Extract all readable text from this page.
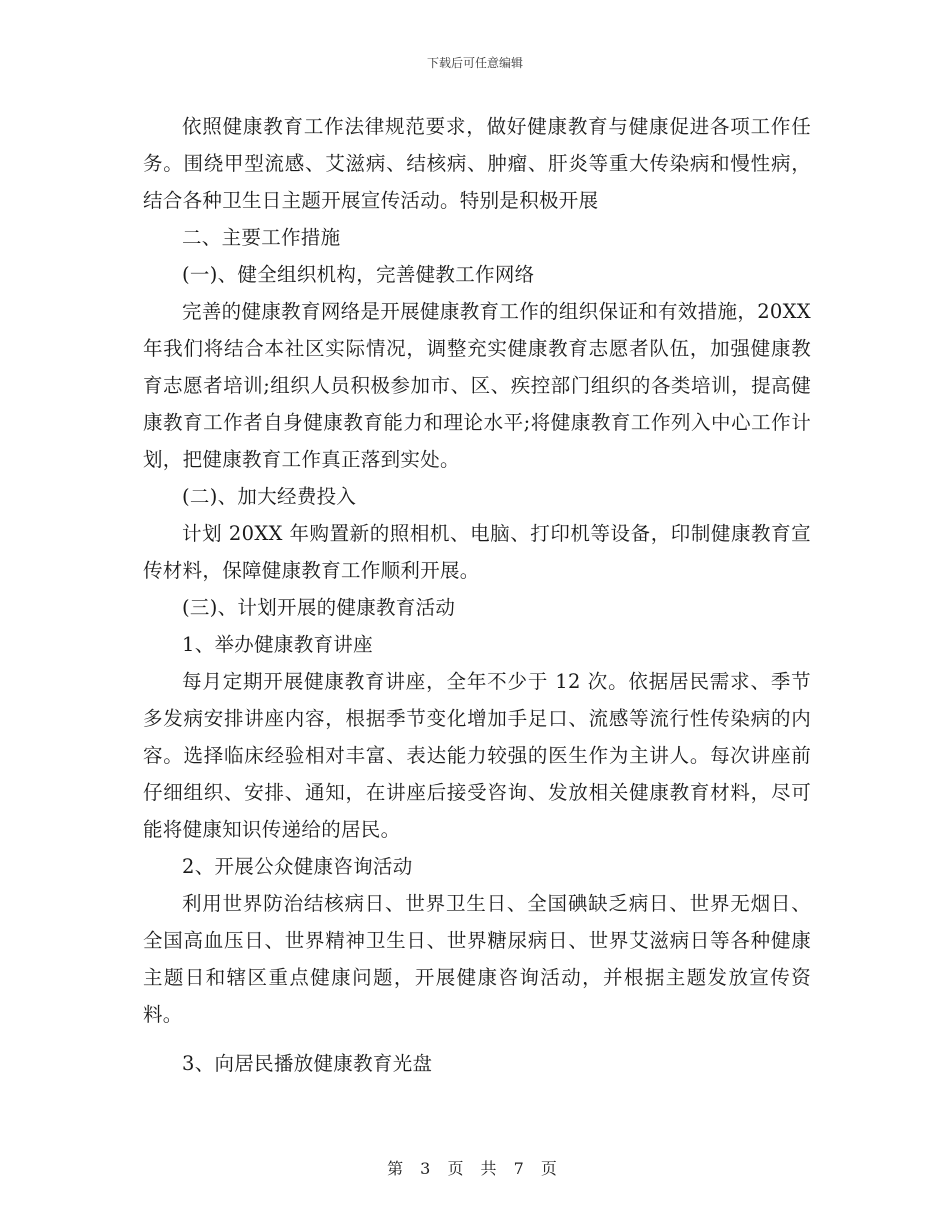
下载后可任意编辑

依照健康教育工作法律规范要求，做好健康教育与健康促进各项工作任务。围绕甲型流感、艾滋病、结核病、肿瘤、肝炎等重大传染病和慢性病，结合各种卫生日主题开展宣传活动。特别是积极开展

二、主要工作措施

(一)、健全组织机构，完善健教工作网络

完善的健康教育网络是开展健康教育工作的组织保证和有效措施，20XX 年我们将结合本社区实际情况，调整充实健康教育志愿者队伍，加强健康教育志愿者培训;组织人员积极参加市、区、疾控部门组织的各类培训，提高健康教育工作者自身健康教育能力和理论水平;将健康教育工作列入中心工作计划，把健康教育工作真正落到实处。

(二)、加大经费投入

计划 20XX 年购置新的照相机、电脑、打印机等设备，印制健康教育宣传材料，保障健康教育工作顺利开展。

(三)、计划开展的健康教育活动

1、举办健康教育讲座

每月定期开展健康教育讲座，全年不少于 12 次。依据居民需求、季节多发病安排讲座内容，根据季节变化增加手足口、流感等流行性传染病的内容。选择临床经验相对丰富、表达能力较强的医生作为主讲人。每次讲座前仔细组织、安排、通知，在讲座后接受咨询、发放相关健康教育材料，尽可能将健康知识传递给的居民。

2、开展公众健康咨询活动

利用世界防治结核病日、世界卫生日、全国碘缺乏病日、世界无烟日、全国高血压日、世界精神卫生日、世界糖尿病日、世界艾滋病日等各种健康主题日和辖区重点健康问题，开展健康咨询活动，并根据主题发放宣传资料。

3、向居民播放健康教育光盘

第 3 页 共 7 页
